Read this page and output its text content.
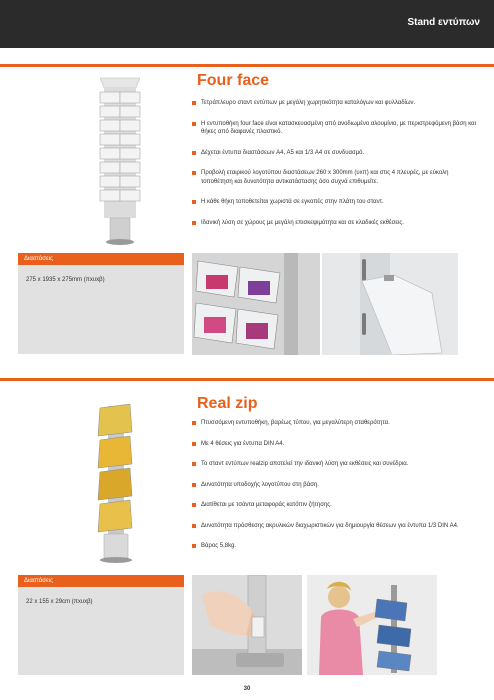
Stand εντύπων
Four face
Τετράπλευρο σταντ εντύπων με μεγάλη χωρητικότητα καταλόγων και φυλλαδίων.
Η εντυποθήκη four face είναι κατασκευασμένη από ανοδιωμένο αλουμίνιο, με περιστρεφόμενη βάση και θήκες από διαφανές πλαστικό.
Δέχεται έντυπα διαστάσεων A4, A5 και 1/3 A4 σε συνδυασμό.
Προβολή εταιρικού λογοτύπου διαστάσεων 260 x 300mm (υxπ) και στις 4 πλευρές, με εύκολη τοποθέτηση και δυνατότητα αντικατάστασης όσο συχνά επιθυμείτε.
Η κάθε θήκη τοποθετείται χωριστά σε εγκοπές στην πλάτη του σταντ.
Ιδανική λύση σε χώρους με μεγάλη επισκεψιμότητα και σε κλαδικές εκθέσεις.
Διαστάσεις
275 x 1935 x 275mm (πxυxβ)
Real zip
Πτυσσόμενη εντυποθήκη, βαρέως τύπου, για μεγαλύτερη σταθερότητα.
Με 4 θέσεις για έντυπα DIN A4.
Το σταντ εντύπων realzip αποτελεί την ιδανική λύση για εκθέσεις και συνέδρια.
Δυνατότητα υποδοχής λογοτύπου στη βάση.
Διατίθεται με τσάντα μεταφοράς κατόπιν ζήτησης.
Δυνατότητα πρόσθεσης ακρυλικών διαχωριστικών για δημιουργία θέσεων για έντυπα 1/3 DIN A4.
Βάρος 5,8kg.
Διαστάσεις
22 x 155 x 29cm (πxυxβ)
30
